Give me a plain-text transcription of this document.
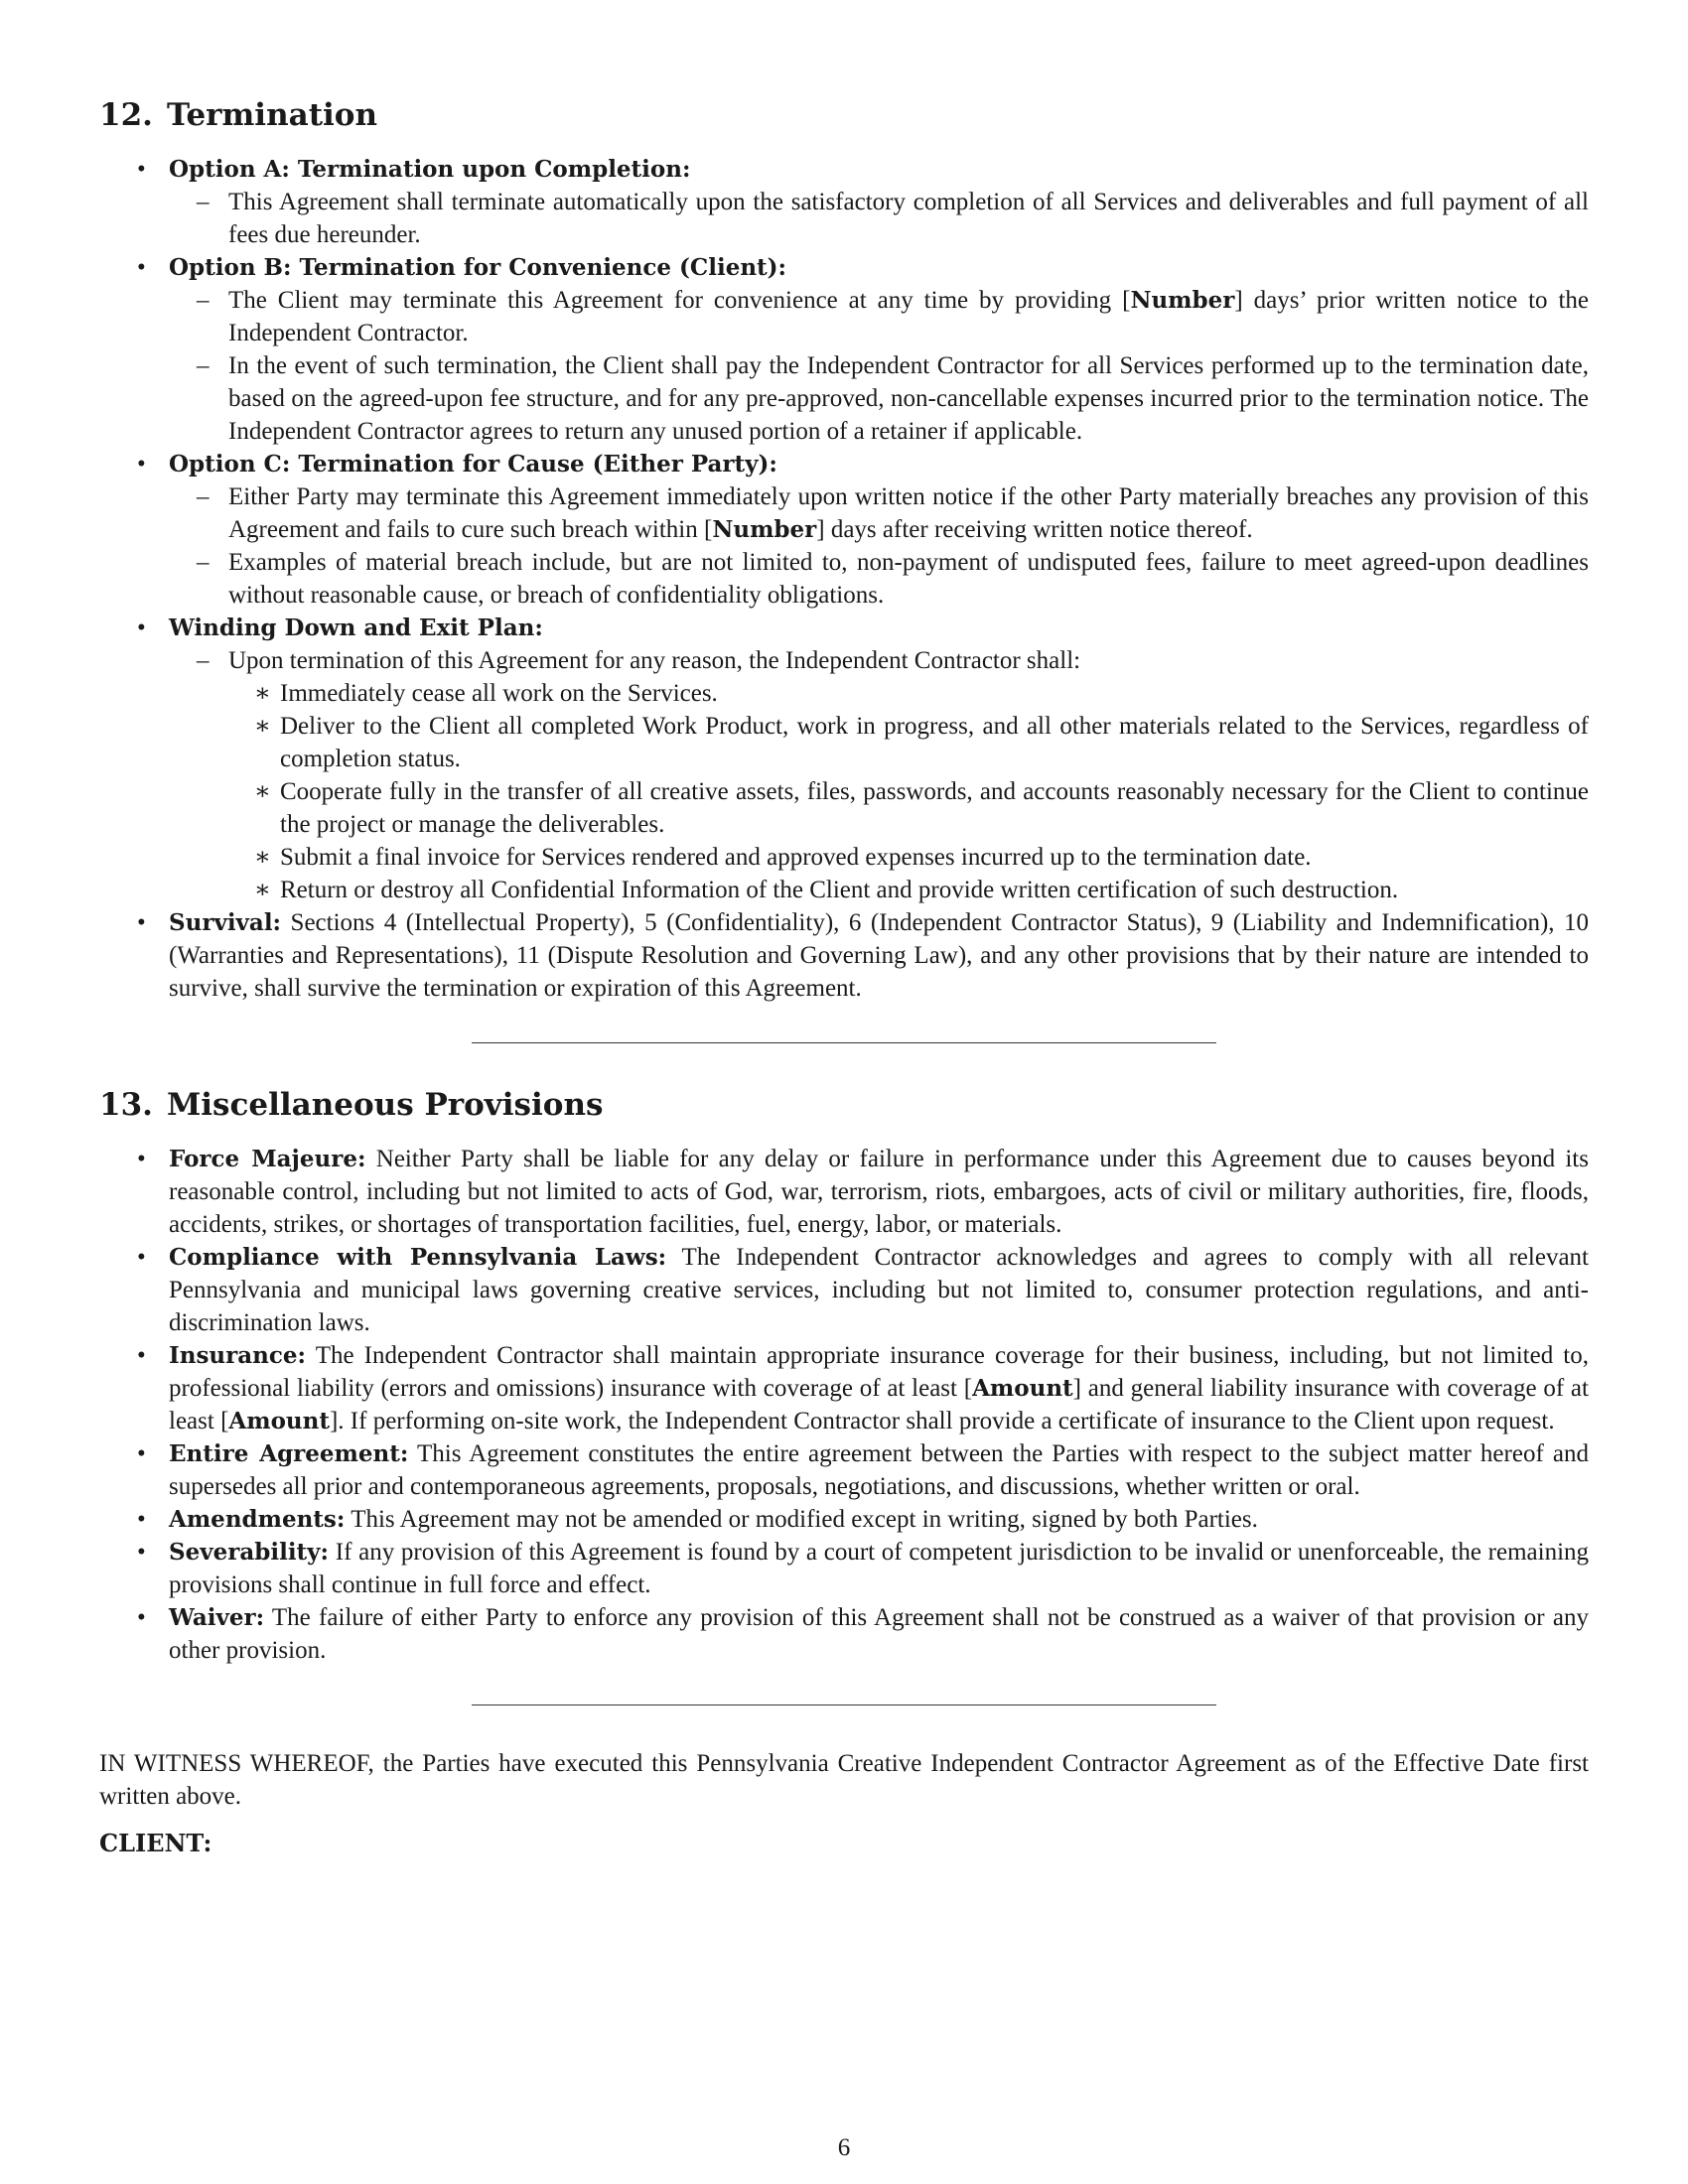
12. Termination
• Option A: Termination upon Completion:
– This Agreement shall terminate automatically upon the satisfactory completion of all Services and deliverables and full payment of all fees due hereunder.
• Option B: Termination for Convenience (Client):
– The Client may terminate this Agreement for convenience at any time by providing [Number] days’ prior written notice to the Independent Contractor.
– In the event of such termination, the Client shall pay the Independent Contractor for all Services performed up to the termination date, based on the agreed-upon fee structure, and for any pre-approved, non-cancellable expenses incurred prior to the termination notice. The Independent Contractor agrees to return any unused portion of a retainer if applicable.
• Option C: Termination for Cause (Either Party):
– Either Party may terminate this Agreement immediately upon written notice if the other Party materially breaches any provision of this Agreement and fails to cure such breach within [Number] days after receiving written notice thereof.
– Examples of material breach include, but are not limited to, non-payment of undisputed fees, failure to meet agreed-upon deadlines without reasonable cause, or breach of confidentiality obligations.
• Winding Down and Exit Plan:
– Upon termination of this Agreement for any reason, the Independent Contractor shall:
∗ Immediately cease all work on the Services.
∗ Deliver to the Client all completed Work Product, work in progress, and all other materials related to the Services, regardless of completion status.
∗ Cooperate fully in the transfer of all creative assets, files, passwords, and accounts reasonably necessary for the Client to continue the project or manage the deliverables.
∗ Submit a final invoice for Services rendered and approved expenses incurred up to the termination date.
∗ Return or destroy all Confidential Information of the Client and provide written certification of such destruction.
• Survival: Sections 4 (Intellectual Property), 5 (Confidentiality), 6 (Independent Contractor Status), 9 (Liability and Indemnification), 10 (Warranties and Representations), 11 (Dispute Resolution and Governing Law), and any other provisions that by their nature are intended to survive, shall survive the termination or expiration of this Agreement.
13. Miscellaneous Provisions
• Force Majeure: Neither Party shall be liable for any delay or failure in performance under this Agreement due to causes beyond its reasonable control, including but not limited to acts of God, war, terrorism, riots, embargoes, acts of civil or military authorities, fire, floods, accidents, strikes, or shortages of transportation facilities, fuel, energy, labor, or materials.
• Compliance with Pennsylvania Laws: The Independent Contractor acknowledges and agrees to comply with all relevant Pennsylvania and municipal laws governing creative services, including but not limited to, consumer protection regulations, and anti-discrimination laws.
• Insurance: The Independent Contractor shall maintain appropriate insurance coverage for their business, including, but not limited to, professional liability (errors and omissions) insurance with coverage of at least [Amount] and general liability insurance with coverage of at least [Amount]. If performing on-site work, the Independent Contractor shall provide a certificate of insurance to the Client upon request.
• Entire Agreement: This Agreement constitutes the entire agreement between the Parties with respect to the subject matter hereof and supersedes all prior and contemporaneous agreements, proposals, negotiations, and discussions, whether written or oral.
• Amendments: This Agreement may not be amended or modified except in writing, signed by both Parties.
• Severability: If any provision of this Agreement is found by a court of competent jurisdiction to be invalid or unenforceable, the remaining provisions shall continue in full force and effect.
• Waiver: The failure of either Party to enforce any provision of this Agreement shall not be construed as a waiver of that provision or any other provision.

IN WITNESS WHEREOF, the Parties have executed this Pennsylvania Creative Independent Contractor Agreement as of the Effective Date first written above.

CLIENT:

6
